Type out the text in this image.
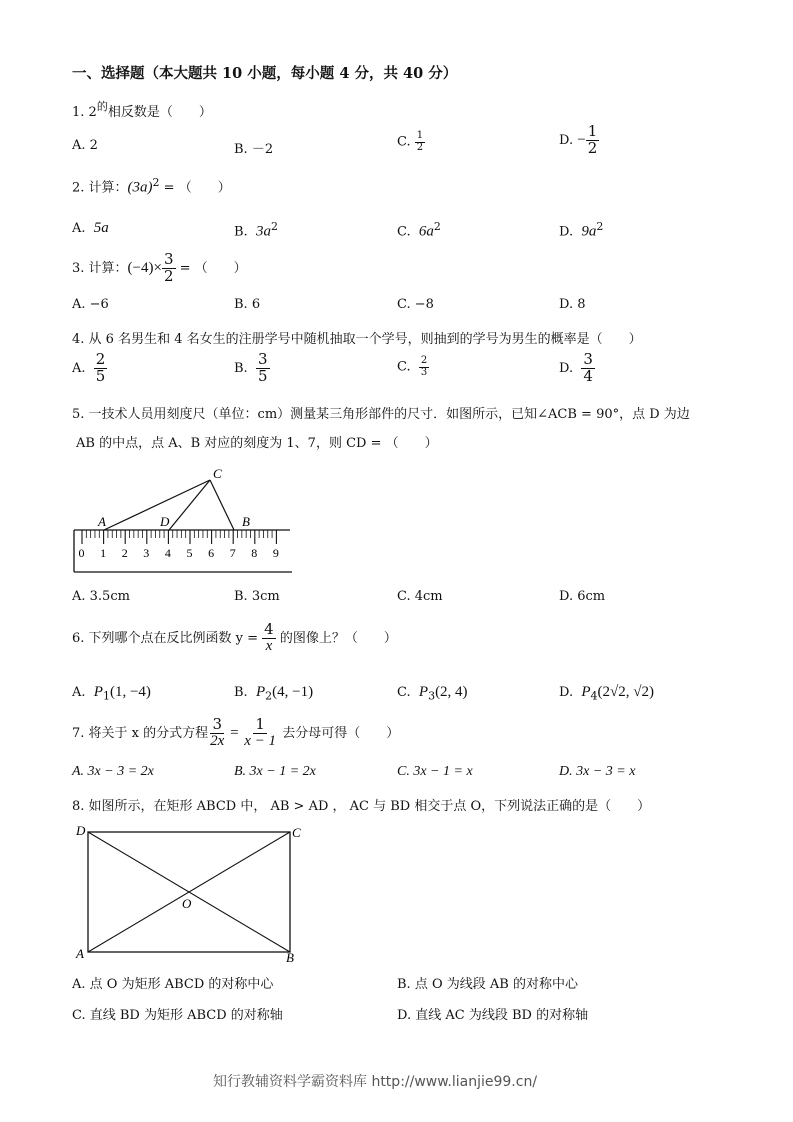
一、选择题（本大题共 10 小题，每小题 4 分，共 40 分）
1. $2^的$相反数是（　　）
A. 2	B. －2	C. $\frac{1}{2}$	D. − $\frac{1}{2}$
2. 计算：$(3a)^2$ = （　　）
A. 5a	B. $3a^2$	C. $6a^2$	D. $9a^2$
3. 计算：$(-4)\times \frac{3}{2}$ = （　　）
A. −6	B. 6	C. −8	D. 8
4. 从 6 名男生和 4 名女生的注册学号中随机抽取一个学号，则抽到的学号为男生的概率是（　　）
A. $\frac{2}{5}$	B. $\frac{3}{5}$	C. $\frac{2}{3}$	D. $\frac{3}{4}$
5. 一技术人员用刻度尺（单位：cm）测量某三角形部件的尺寸．如图所示，已知∠ACB = 90°，点 D 为边
AB 的中点，点 A、B 对应的刻度为 1、7，则 CD = （　　）
0 1 2 3 4 5 6 7 8 9
C
A	D	B
A. 3.5cm	B. 3cm	C. 4cm	D. 6cm
6. 下列哪个点在反比例函数 $y = \frac{4}{x}$ 的图像上？（　　）
A. $P_1(1$, −4)	B. $P_2(4$, −1)	C. $P_3(2$, 4)	D. $P_4(2√2$, √2)
7. 将关于 x 的分式方程 $\frac{3}{2x} = \frac{1}{x - 1}$ 去分母可得（　　）
A. 3x − 3 = 2x	B. 3x − 1 = 2x	C. 3x − 1 = x	D. 3x − 3 = x
8. 如图所示，在矩形 ABCD 中， AB > AD ， AC 与 BD 相交于点 O，下列说法正确的是（　　）
D	C
O
A	B
A. 点 O 为矩形 ABCD 的对称中心	B. 点 O 为线段 AB 的对称中心
C. 直线 BD 为矩形 ABCD 的对称轴	D. 直线 AC 为线段 BD 的对称轴
知行教辅资料学霸资料库 http://www.lianjie99.cn/
